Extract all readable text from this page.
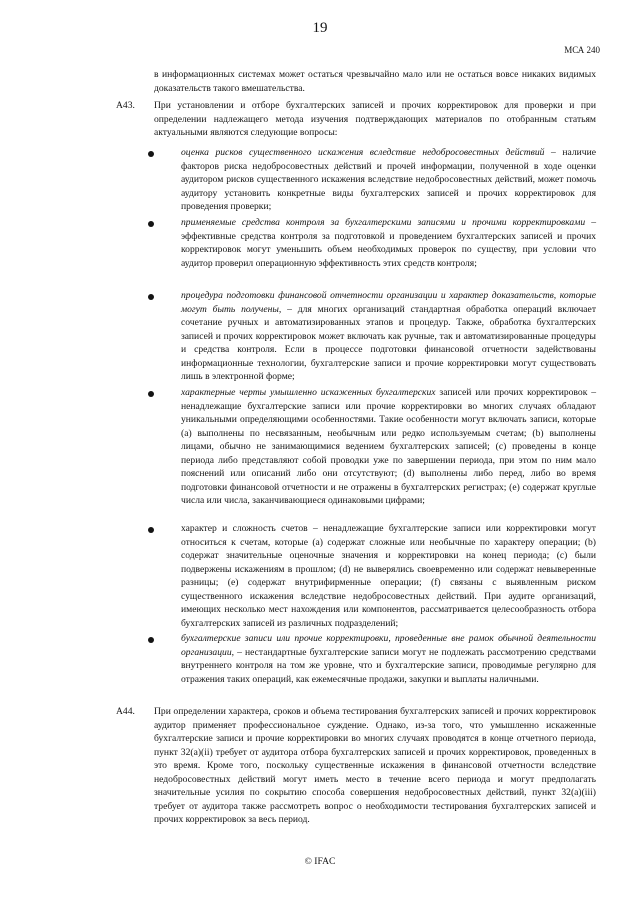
19
МСА 240

в информационных системах может остаться чрезвычайно мало или не остаться вовсе никаких видимых доказательств такого вмешательства.

A43. При установлении и отборе бухгалтерских записей и прочих корректировок для проверки и при определении надлежащего метода изучения подтверждающих материалов по отобранным статьям актуальными являются следующие вопросы:

оценка рисков существенного искажения вследствие недобросовестных действий – наличие факторов риска недобросовестных действий и прочей информации, полученной в ходе оценки аудитором рисков существенного искажения вследствие недобросовестных действий, может помочь аудитору установить конкретные виды бухгалтерских записей и прочих корректировок для проведения проверки;

применяемые средства контроля за бухгалтерскими записями и прочими корректировками – эффективные средства контроля за подготовкой и проведением бухгалтерских записей и прочих корректировок могут уменьшить объем необходимых проверок по существу, при условии что аудитор проверил операционную эффективность этих средств контроля;

процедура подготовки финансовой отчетности организации и характер доказательств, которые могут быть получены, – для многих организаций стандартная обработка операций включает сочетание ручных и автоматизированных этапов и процедур. Также, обработка бухгалтерских записей и прочих корректировок может включать как ручные, так и автоматизированные процедуры и средства контроля. Если в процессе подготовки финансовой отчетности задействованы информационные технологии, бухгалтерские записи и прочие корректировки могут существовать лишь в электронной форме;

характерные черты умышленно искаженных бухгалтерских записей или прочих корректировок – ненадлежащие бухгалтерские записи или прочие корректировки во многих случаях обладают уникальными определяющими особенностями. Такие особенности могут включать записи, которые (a) выполнены по несвязанным, необычным или редко используемым счетам; (b) выполнены лицами, обычно не занимающимися ведением бухгалтерских записей; (c) проведены в конце периода либо представляют собой проводки уже по завершении периода, при этом по ним мало пояснений или описаний либо они отсутствуют; (d) выполнены либо перед, либо во время подготовки финансовой отчетности и не отражены в бухгалтерских регистрах; (e) содержат круглые числа или числа, заканчивающиеся одинаковыми цифрами;

характер и сложность счетов – ненадлежащие бухгалтерские записи или корректировки могут относиться к счетам, которые (a) содержат сложные или необычные по характеру операции; (b) содержат значительные оценочные значения и корректировки на конец периода; (c) были подвержены искажениям в прошлом; (d) не выверялись своевременно или содержат невыверенные разницы; (e) содержат внутрифирменные операции; (f) связаны с выявленным риском существенного искажения вследствие недобросовестных действий. При аудите организаций, имеющих несколько мест нахождения или компонентов, рассматривается целесообразность отбора бухгалтерских записей из различных подразделений;

бухгалтерские записи или прочие корректировки, проведенные вне рамок обычной деятельности организации, – нестандартные бухгалтерские записи могут не подлежать рассмотрению средствами внутреннего контроля на том же уровне, что и бухгалтерские записи, проводимые регулярно для отражения таких операций, как ежемесячные продажи, закупки и выплаты наличными.

A44. При определении характера, сроков и объема тестирования бухгалтерских записей и прочих корректировок аудитор применяет профессиональное суждение. Однако, из-за того, что умышленно искаженные бухгалтерские записи и прочие корректировки во многих случаях проводятся в конце отчетного периода, пункт 32(a)(ii) требует от аудитора отбора бухгалтерских записей и прочих корректировок, проведенных в это время. Кроме того, поскольку существенные искажения в финансовой отчетности вследствие недобросовестных действий могут иметь место в течение всего периода и могут предполагать значительные усилия по сокрытию способа совершения недобросовестных действий, пункт 32(a)(iii) требует от аудитора также рассмотреть вопрос о необходимости тестирования бухгалтерских записей и прочих корректировок за весь период.

© IFAC
